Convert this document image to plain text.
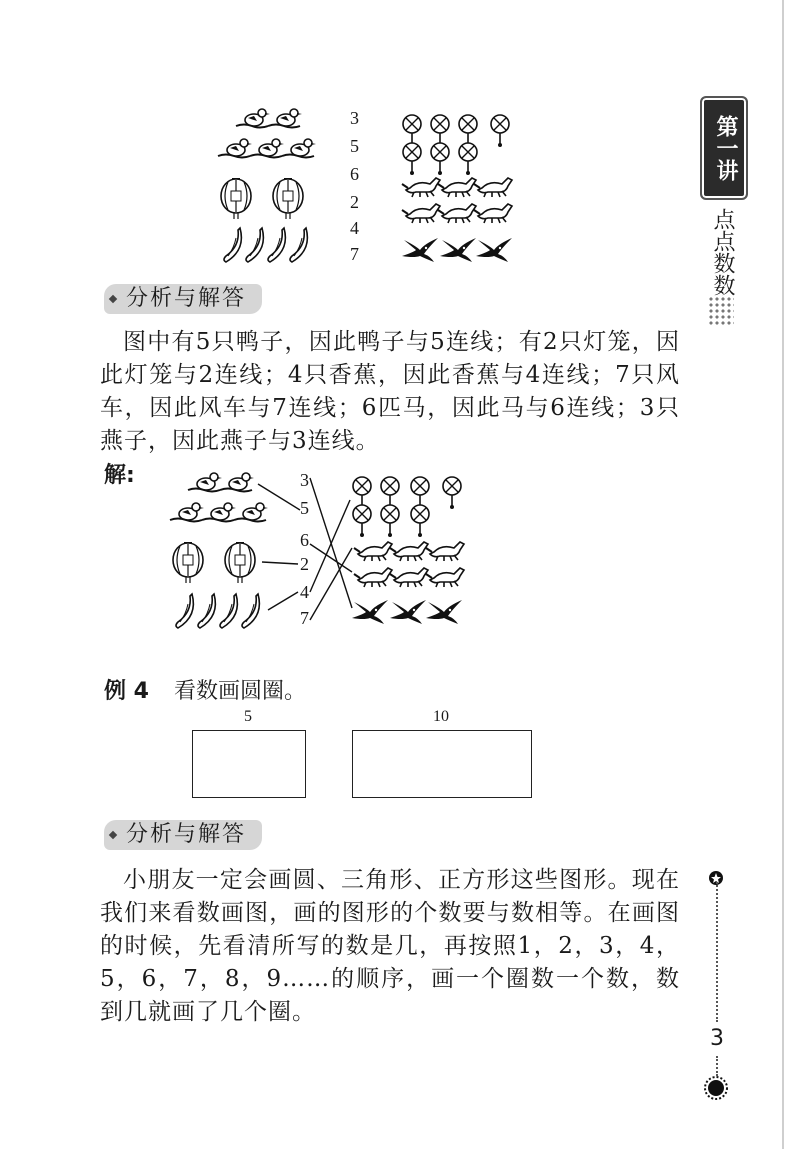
第一讲
点点数数
3
5
6
2
4
7
分析与解答
图中有5只鸭子，因此鸭子与5连线；有2只灯笼，因此灯笼与2连线；4只香蕉，因此香蕉与4连线；7只风车，因此风车与7连线；6匹马，因此马与6连线；3只燕子，因此燕子与3连线。
解:	3
5
6
2
4
7
例 4 看数画圆圈。
5	10
分析与解答
小朋友一定会画圆、三角形、正方形这些图形。现在我们来看数画图，画的图形的个数要与数相等。在画图的时候，先看清所写的数是几，再按照1，2，3，4，5，6，7，8，9……的顺序，画一个圈数一个数，数到几就画了几个圈。
3
